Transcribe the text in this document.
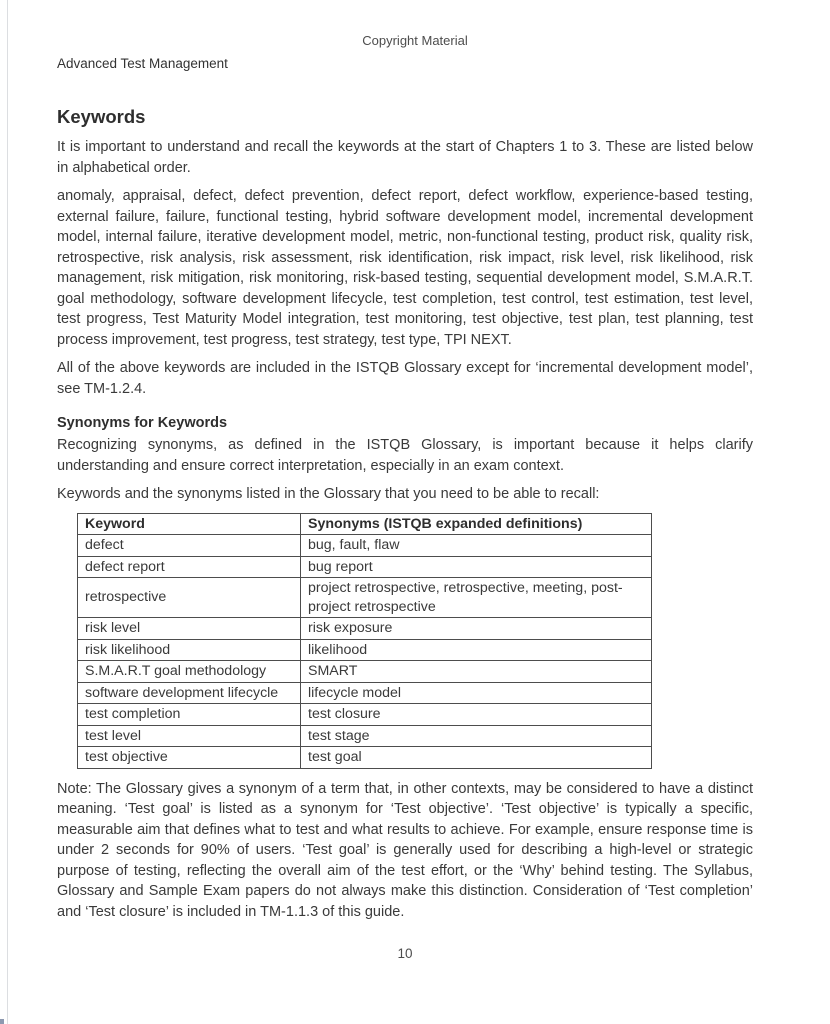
Copyright Material
Advanced Test Management
Keywords

It is important to understand and recall the keywords at the start of Chapters 1 to 3. These are listed below in alphabetical order.

anomaly, appraisal, defect, defect prevention, defect report, defect workflow, experience-based testing, external failure, failure, functional testing, hybrid software development model, incremental development model, internal failure, iterative development model, metric, non-functional testing, product risk, quality risk, retrospective, risk analysis, risk assessment, risk identification, risk impact, risk level, risk likelihood, risk management, risk mitigation, risk monitoring, risk-based testing, sequential development model, S.M.A.R.T. goal methodology, software development lifecycle, test completion, test control, test estimation, test level, test progress, Test Maturity Model integration, test monitoring, test objective, test plan, test planning, test process improvement, test progress, test strategy, test type, TPI NEXT.

All of the above keywords are included in the ISTQB Glossary except for ‘incremental development model’, see TM-1.2.4.

Synonyms for Keywords

Recognizing synonyms, as defined in the ISTQB Glossary, is important because it helps clarify understanding and ensure correct interpretation, especially in an exam context.

Keywords and the synonyms listed in the Glossary that you need to be able to recall:

Keyword	Synonyms (ISTQB expanded definitions)
defect	bug, fault, flaw
defect report	bug report
retrospective	project retrospective, retrospective, meeting, post-project retrospective
risk level	risk exposure
risk likelihood	likelihood
S.M.A.R.T goal methodology	SMART
software development lifecycle	lifecycle model
test completion	test closure
test level	test stage
test objective	test goal

Note: The Glossary gives a synonym of a term that, in other contexts, may be considered to have a distinct meaning. ‘Test goal’ is listed as a synonym for ‘Test objective’. ‘Test objective’ is typically a specific, measurable aim that defines what to test and what results to achieve. For example, ensure response time is under 2 seconds for 90% of users. ‘Test goal’ is generally used for describing a high-level or strategic purpose of testing, reflecting the overall aim of the test effort, or the ‘Why’ behind testing. The Syllabus, Glossary and Sample Exam papers do not always make this distinction. Consideration of ‘Test completion’ and ‘Test closure’ is included in TM-1.1.3 of this guide.

10
